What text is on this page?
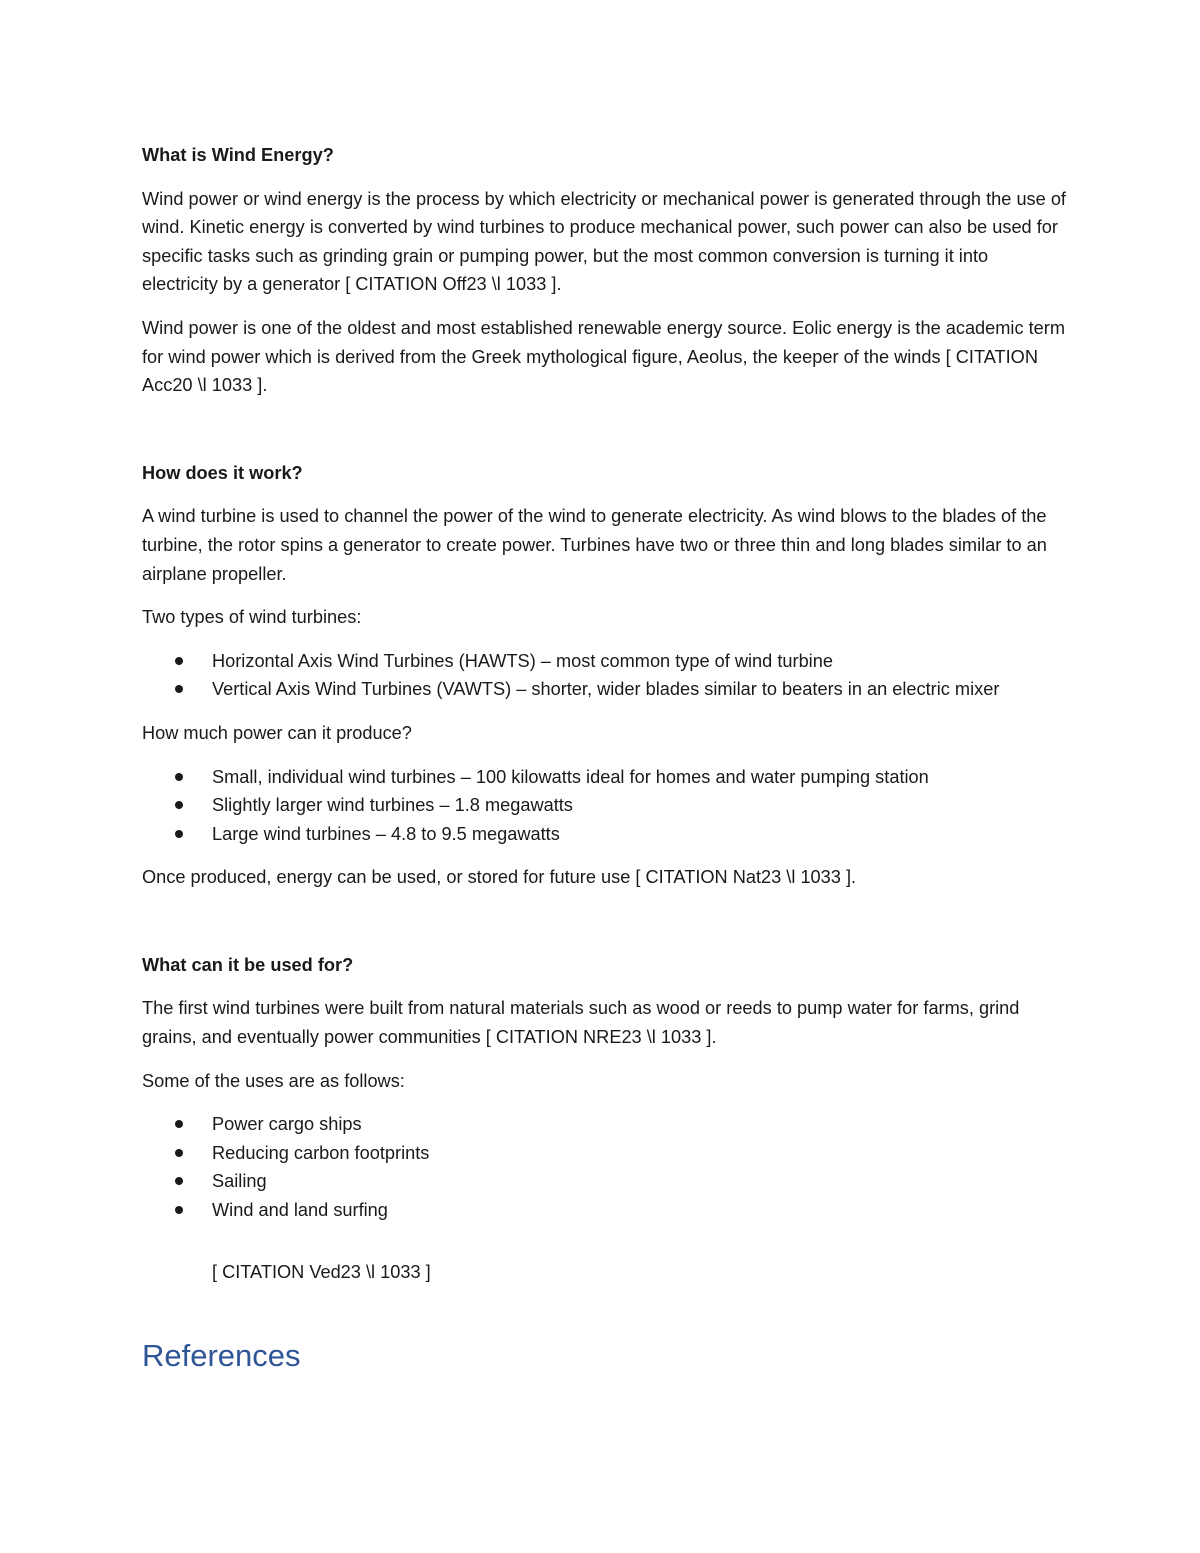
What is Wind Energy?

Wind power or wind energy is the process by which electricity or mechanical power is generated through the use of wind. Kinetic energy is converted by wind turbines to produce mechanical power, such power can also be used for specific tasks such as grinding grain or pumping power, but the most common conversion is turning it into electricity by a generator [ CITATION Off23 \l 1033 ].

Wind power is one of the oldest and most established renewable energy source. Eolic energy is the academic term for wind power which is derived from the Greek mythological figure, Aeolus, the keeper of the winds [ CITATION Acc20 \l 1033 ].

How does it work?

A wind turbine is used to channel the power of the wind to generate electricity. As wind blows to the blades of the turbine, the rotor spins a generator to create power. Turbines have two or three thin and long blades similar to an airplane propeller.

Two types of wind turbines:

Horizontal Axis Wind Turbines (HAWTS) – most common type of wind turbine
Vertical Axis Wind Turbines (VAWTS) – shorter, wider blades similar to beaters in an electric mixer

How much power can it produce?

Small, individual wind turbines – 100 kilowatts ideal for homes and water pumping station
Slightly larger wind turbines – 1.8 megawatts
Large wind turbines – 4.8 to 9.5 megawatts

Once produced, energy can be used, or stored for future use [ CITATION Nat23 \l 1033 ].

What can it be used for?

The first wind turbines were built from natural materials such as wood or reeds to pump water for farms, grind grains, and eventually power communities [ CITATION NRE23 \l 1033 ].

Some of the uses are as follows:

Power cargo ships
Reducing carbon footprints
Sailing
Wind and land surfing
[ CITATION Ved23 \l 1033 ]
References
